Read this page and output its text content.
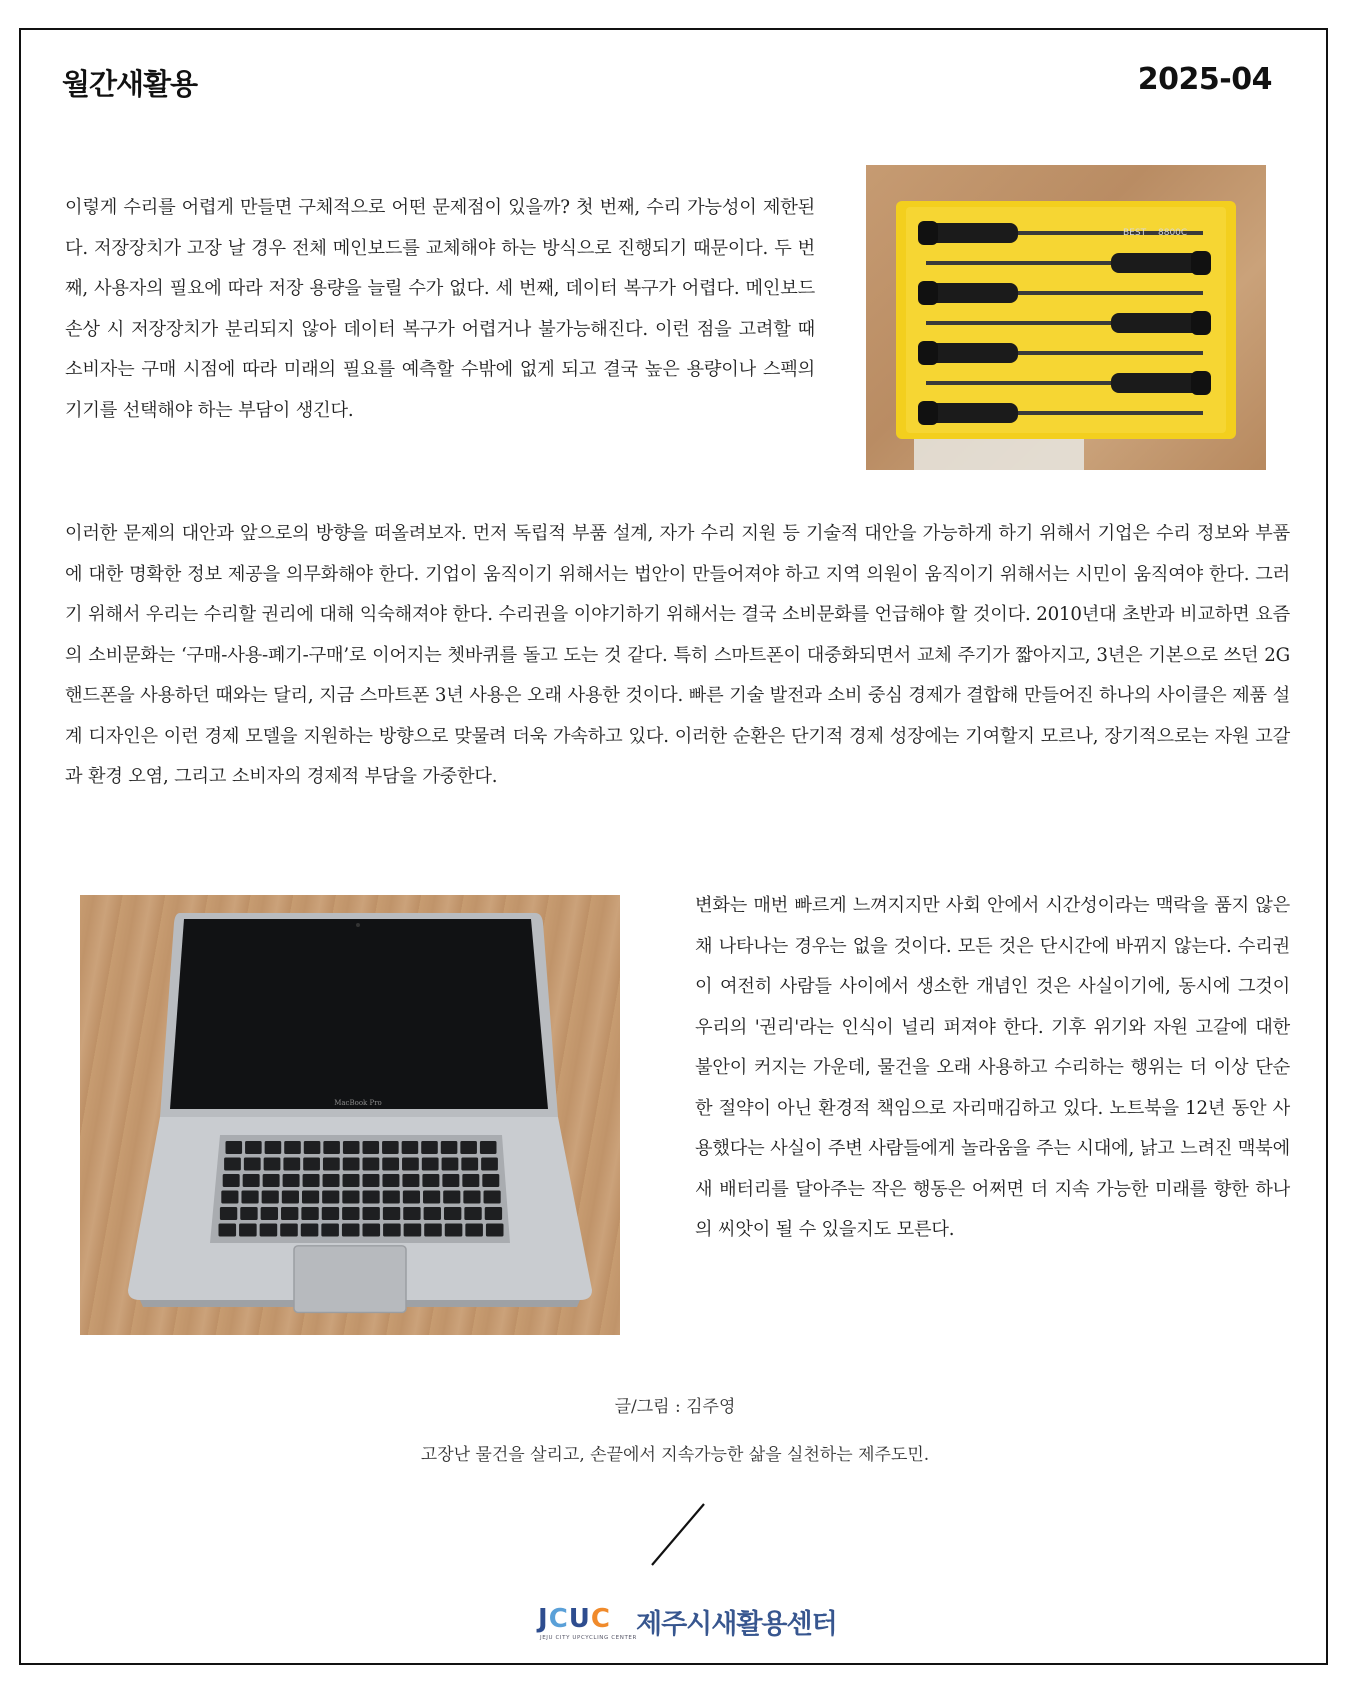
월간새활용	2025-04

이렇게 수리를 어렵게 만들면 구체적으로 어떤 문제점이 있을까? 첫 번째, 수리 가능성이 제한된다. 저장장치가 고장 날 경우 전체 메인보드를 교체해야 하는 방식으로 진행되기 때문이다. 두 번째, 사용자의 필요에 따라 저장 용량을 늘릴 수가 없다. 세 번째, 데이터 복구가 어렵다. 메인보드 손상 시 저장장치가 분리되지 않아 데이터 복구가 어렵거나 불가능해진다. 이런 점을 고려할 때 소비자는 구매 시점에 따라 미래의 필요를 예측할 수밖에 없게 되고 결국 높은 용량이나 스펙의 기기를 선택해야 하는 부담이 생긴다.

8800C
BEST

이러한 문제의 대안과 앞으로의 방향을 떠올려보자. 먼저 독립적 부품 설계, 자가 수리 지원 등 기술적 대안을 가능하게 하기 위해서 기업은 수리 정보와 부품에 대한 명확한 정보 제공을 의무화해야 한다. 기업이 움직이기 위해서는 법안이 만들어져야 하고 지역 의원이 움직이기 위해서는 시민이 움직여야 한다. 그러기 위해서 우리는 수리할 권리에 대해 익숙해져야 한다. 수리권을 이야기하기 위해서는 결국 소비문화를 언급해야 할 것이다. 2010년대 초반과 비교하면 요즘의 소비문화는 ‘구매-사용-폐기-구매’로 이어지는 쳇바퀴를 돌고 도는 것 같다. 특히 스마트폰이 대중화되면서 교체 주기가 짧아지고, 3년은 기본으로 쓰던 2G 핸드폰을 사용하던 때와는 달리, 지금 스마트폰 3년 사용은 오래 사용한 것이다. 빠른 기술 발전과 소비 중심 경제가 결합해 만들어진 하나의 사이클은 제품 설계 디자인은 이런 경제 모델을 지원하는 방향으로 맞물려 더욱 가속하고 있다. 이러한 순환은 단기적 경제 성장에는 기여할지 모르나, 장기적으로는 자원 고갈과 환경 오염, 그리고 소비자의 경제적 부담을 가중한다.

MacBook Pro

변화는 매번 빠르게 느껴지지만 사회 안에서 시간성이라는 맥락을 품지 않은 채 나타나는 경우는 없을 것이다. 모든 것은 단시간에 바뀌지 않는다. 수리권이 여전히 사람들 사이에서 생소한 개념인 것은 사실이기에, 동시에 그것이 우리의 '권리'라는 인식이 널리 퍼져야 한다. 기후 위기와 자원 고갈에 대한 불안이 커지는 가운데, 물건을 오래 사용하고 수리하는 행위는 더 이상 단순한 절약이 아닌 환경적 책임으로 자리매김하고 있다. 노트북을 12년 동안 사용했다는 사실이 주변 사람들에게 놀라움을 주는 시대에, 낡고 느려진 맥북에 새 배터리를 달아주는 작은 행동은 어쩌면 더 지속 가능한 미래를 향한 하나의 씨앗이 될 수 있을지도 모른다.

글/그림 : 김주영
고장난 물건을 살리고, 손끝에서 지속가능한 삶을 실천하는 제주도민.
JCUC 제주시새활용센터
JEJU CITY UPCYCLING CENTER
